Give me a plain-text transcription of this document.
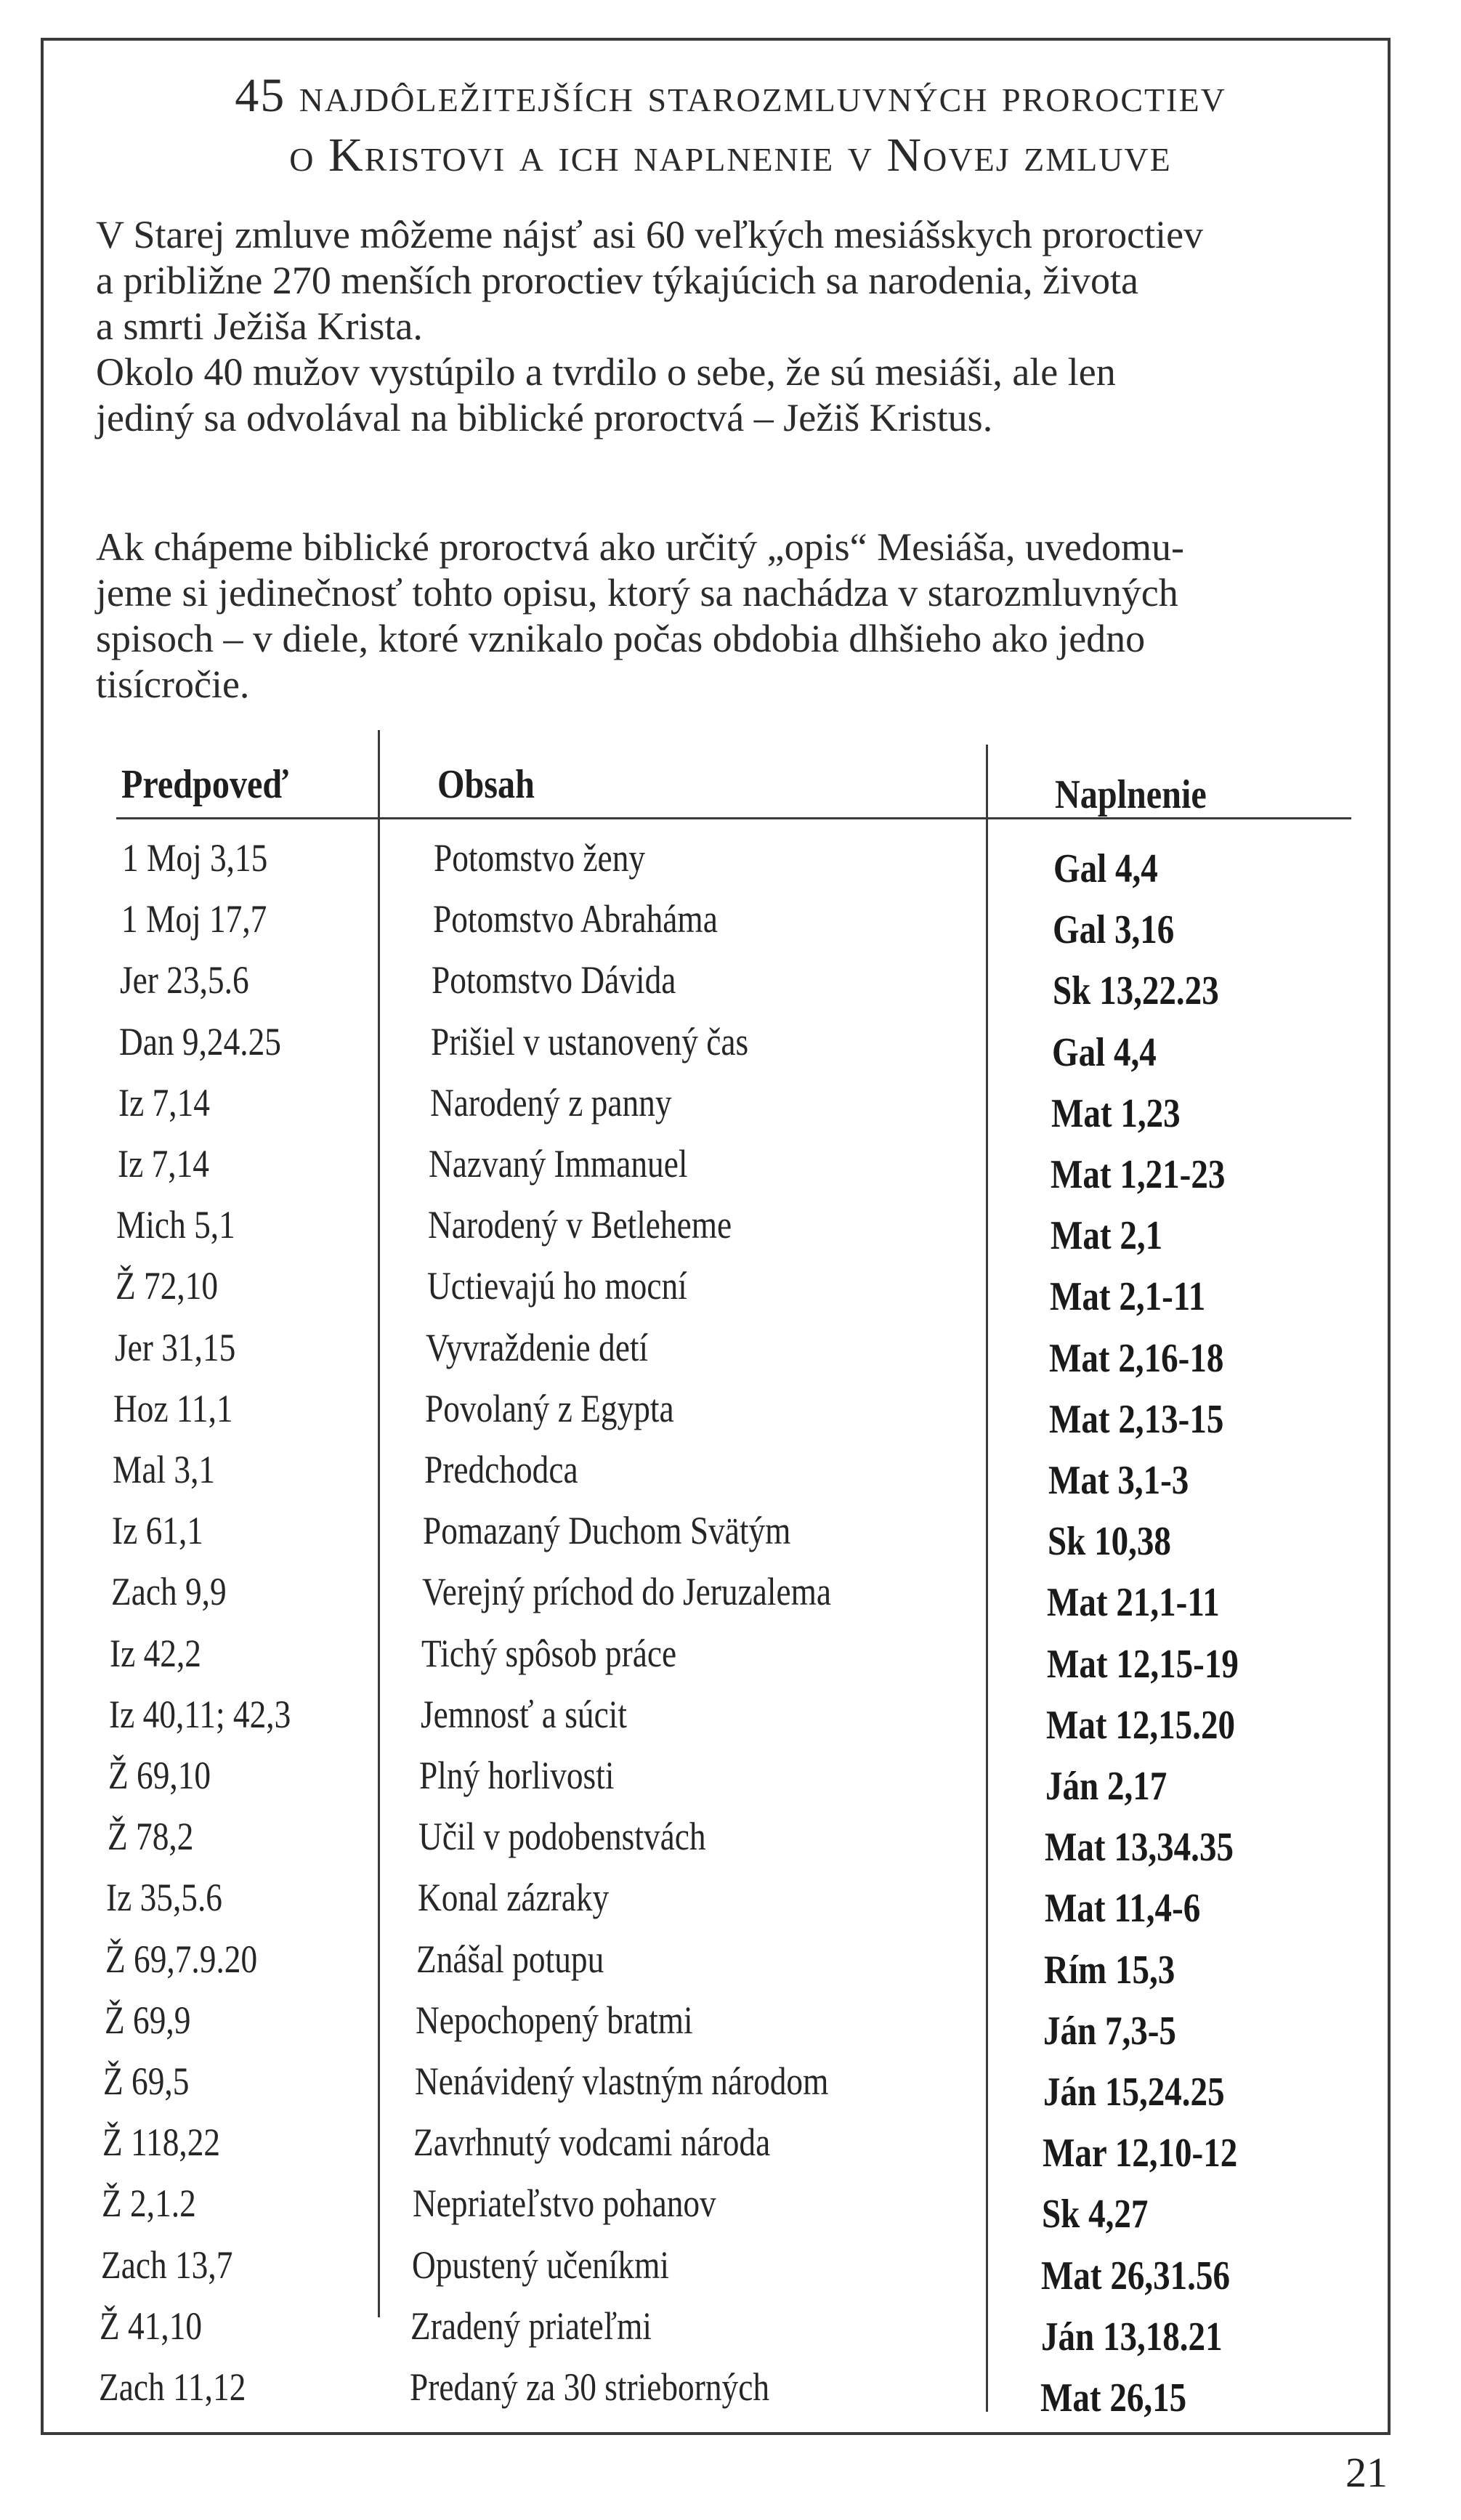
45 najdôležitejších starozmluvných proroctiev
o Kristovi a ich naplnenie v Novej zmluve

V Starej zmluve môžeme nájsť asi 60 veľkých mesiášskych proroctiev

a približne 270 menších proroctiev týkajúcich sa narodenia, života

a smrti Ježiša Krista.

Okolo 40 mužov vystúpilo a tvrdilo o sebe, že sú mesiáši, ale len

jediný sa odvolával na biblické proroctvá – Ježiš Kristus.

Ak chápeme biblické proroctvá ako určitý „opis“ Mesiáša, uvedomu-

jeme si jedinečnosť tohto opisu, ktorý sa nachádza v starozmluvných

spisoch – v diele, ktoré vznikalo počas obdobia dlhšieho ako jedno

tisícročie.

Predpoveď	Obsah	Naplnenie
1 Moj 3,15	Potomstvo ženy	Gal 4,4
1 Moj 17,7	Potomstvo Abraháma	Gal 3,16
Jer 23,5.6	Potomstvo Dávida	Sk 13,22.23
Dan 9,24.25	Prišiel v ustanovený čas	Gal 4,4
Iz 7,14	Narodený z panny	Mat 1,23
Iz 7,14	Nazvaný Immanuel	Mat 1,21-23
Mich 5,1	Narodený v Betleheme	Mat 2,1
Ž 72,10	Uctievajú ho mocní	Mat 2,1-11
Jer 31,15	Vyvraždenie detí	Mat 2,16-18
Hoz 11,1	Povolaný z Egypta	Mat 2,13-15
Mal 3,1	Predchodca	Mat 3,1-3
Iz 61,1	Pomazaný Duchom Svätým	Sk 10,38
Zach 9,9	Verejný príchod do Jeruzalema	Mat 21,1-11
Iz 42,2	Tichý spôsob práce	Mat 12,15-19
Iz 40,11; 42,3	Jemnosť a súcit	Mat 12,15.20
Ž 69,10	Plný horlivosti	Ján 2,17
Ž 78,2	Učil v podobenstvách	Mat 13,34.35
Iz 35,5.6	Konal zázraky	Mat 11,4-6
Ž 69,7.9.20	Znášal potupu	Rím 15,3
Ž 69,9	Nepochopený bratmi	Ján 7,3-5
Ž 69,5	Nenávidený vlastným národom	Ján 15,24.25
Ž 118,22	Zavrhnutý vodcami národa	Mar 12,10-12
Ž 2,1.2	Nepriateľstvo pohanov	Sk 4,27
Zach 13,7	Opustený učeníkmi	Mat 26,31.56
Ž 41,10	Zradený priateľmi	Ján 13,18.21
Zach 11,12	Predaný za 30 strieborných	Mat 26,15
21
